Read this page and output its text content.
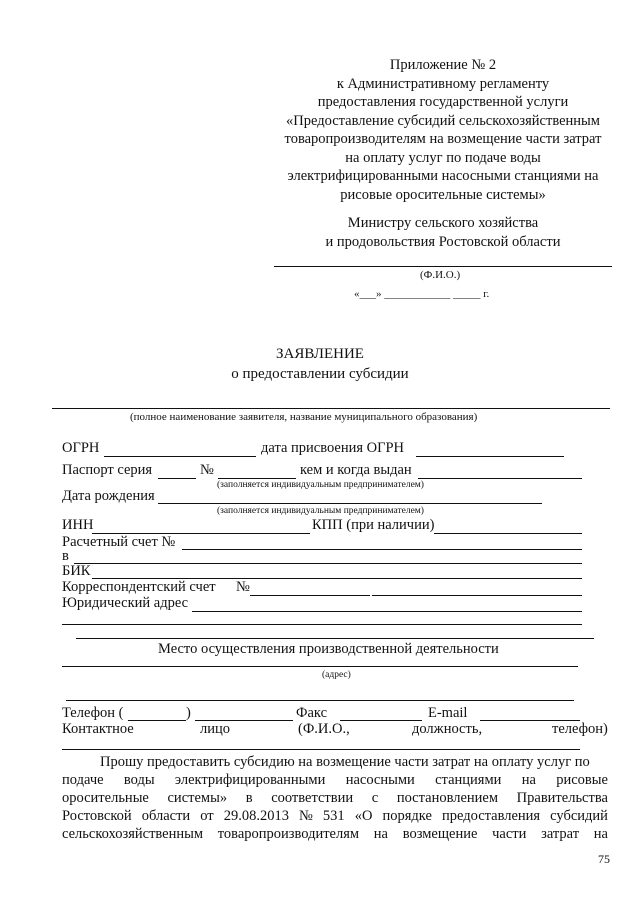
Приложение № 2
к Административному регламенту
предоставления государственной услуги
«Предоставление субсидий сельскохозяйственным
товаропроизводителям на возмещение части затрат
на оплату услуг по подаче воды
электрифицированными насосными станциями на
рисовые оросительные системы»
Министру сельского хозяйства
и продовольствия Ростовской области
(Ф.И.О.)
«___» ____________ _____ г.
ЗАЯВЛЕНИЕ
о предоставлении субсидии
(полное наименование заявителя, название муниципального образования)
ОГРН	дата присвоения ОГРН
Паспорт серия	№	кем и когда выдан
(заполняется индивидуальным предпринимателем)
Дата рождения
(заполняется индивидуальным предпринимателем)
ИНН	КПП (при наличии)
Расчетный счет №
в
БИК
Корреспондентский счет №
Юридический адрес
Место осуществления производственной деятельности
(адрес)
Телефон (	)	Факс	E-mail
Контактное	лицо	(Ф.И.О.,	должность,	телефон)
Прошу предоставить субсидию на возмещение части затрат на оплату услуг по
подаче воды электрифицированными насосными станциями на рисовые
оросительные системы» в соответствии с постановлением Правительства
Ростовской области от 29.08.2013 № 531 «О порядке предоставления субсидий
сельскохозяйственным товаропроизводителям на возмещение части затрат на
75
